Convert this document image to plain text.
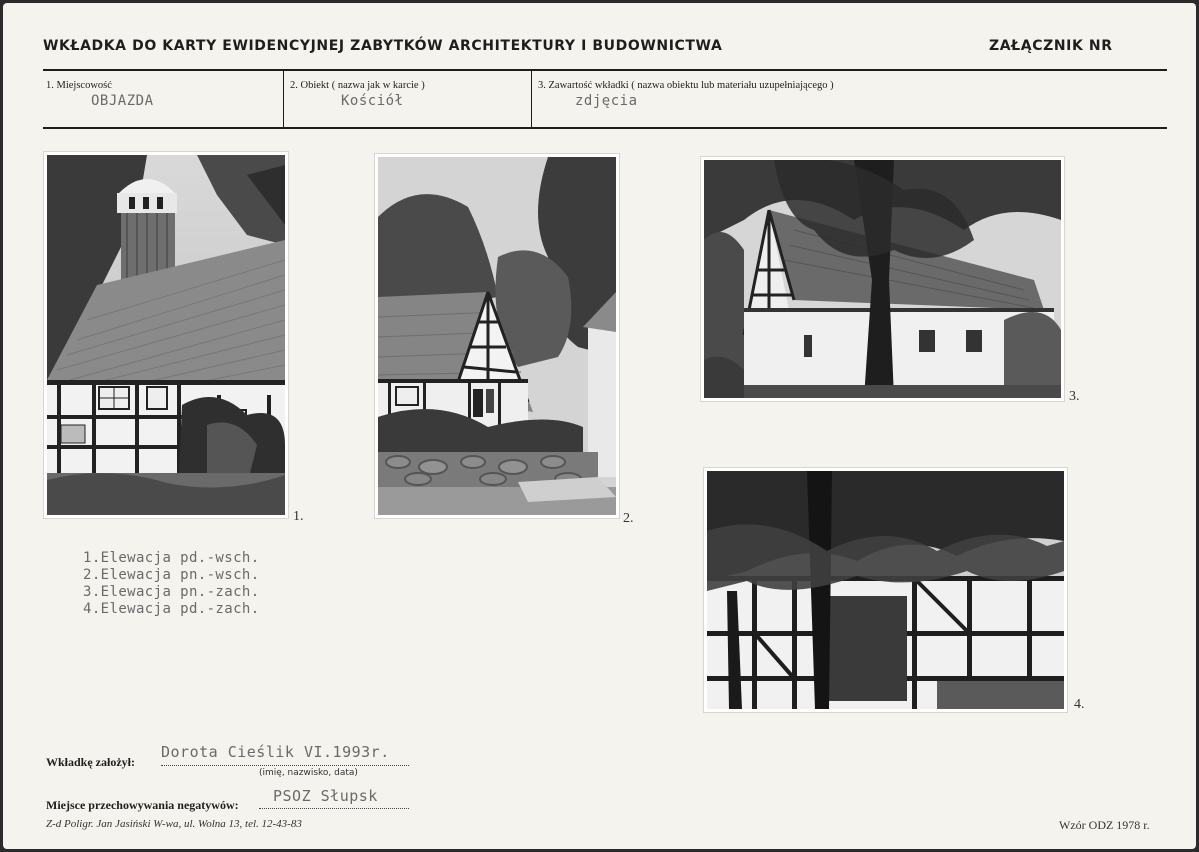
WKŁADKA DO KARTY EWIDENCYJNEJ ZABYTKÓW ARCHITEKTURY I BUDOWNICTWA	ZAŁĄCZNIK NR
1. Miejscowość
OBJAZDA
2. Obiekt ( nazwa jak w karcie )
Kościół
3. Zawartość wkładki ( nazwa obiektu lub materiału uzupełniającego )
zdjęcia
1.	2.
3.
4.
1.Elewacja pd.-wsch.
2.Elewacja pn.-wsch.
3.Elewacja pn.-zach.
4.Elewacja pd.-zach.
Wkładkę założył:
Dorota Cieślik VI.1993r.
(imię, nazwisko, data)
Miejsce przechowywania negatywów: PSOZ Słupsk
Z-d Poligr. Jan Jasiński W-wa, ul. Wolna 13, tel. 12-43-83	Wzór ODZ 1978 r.
